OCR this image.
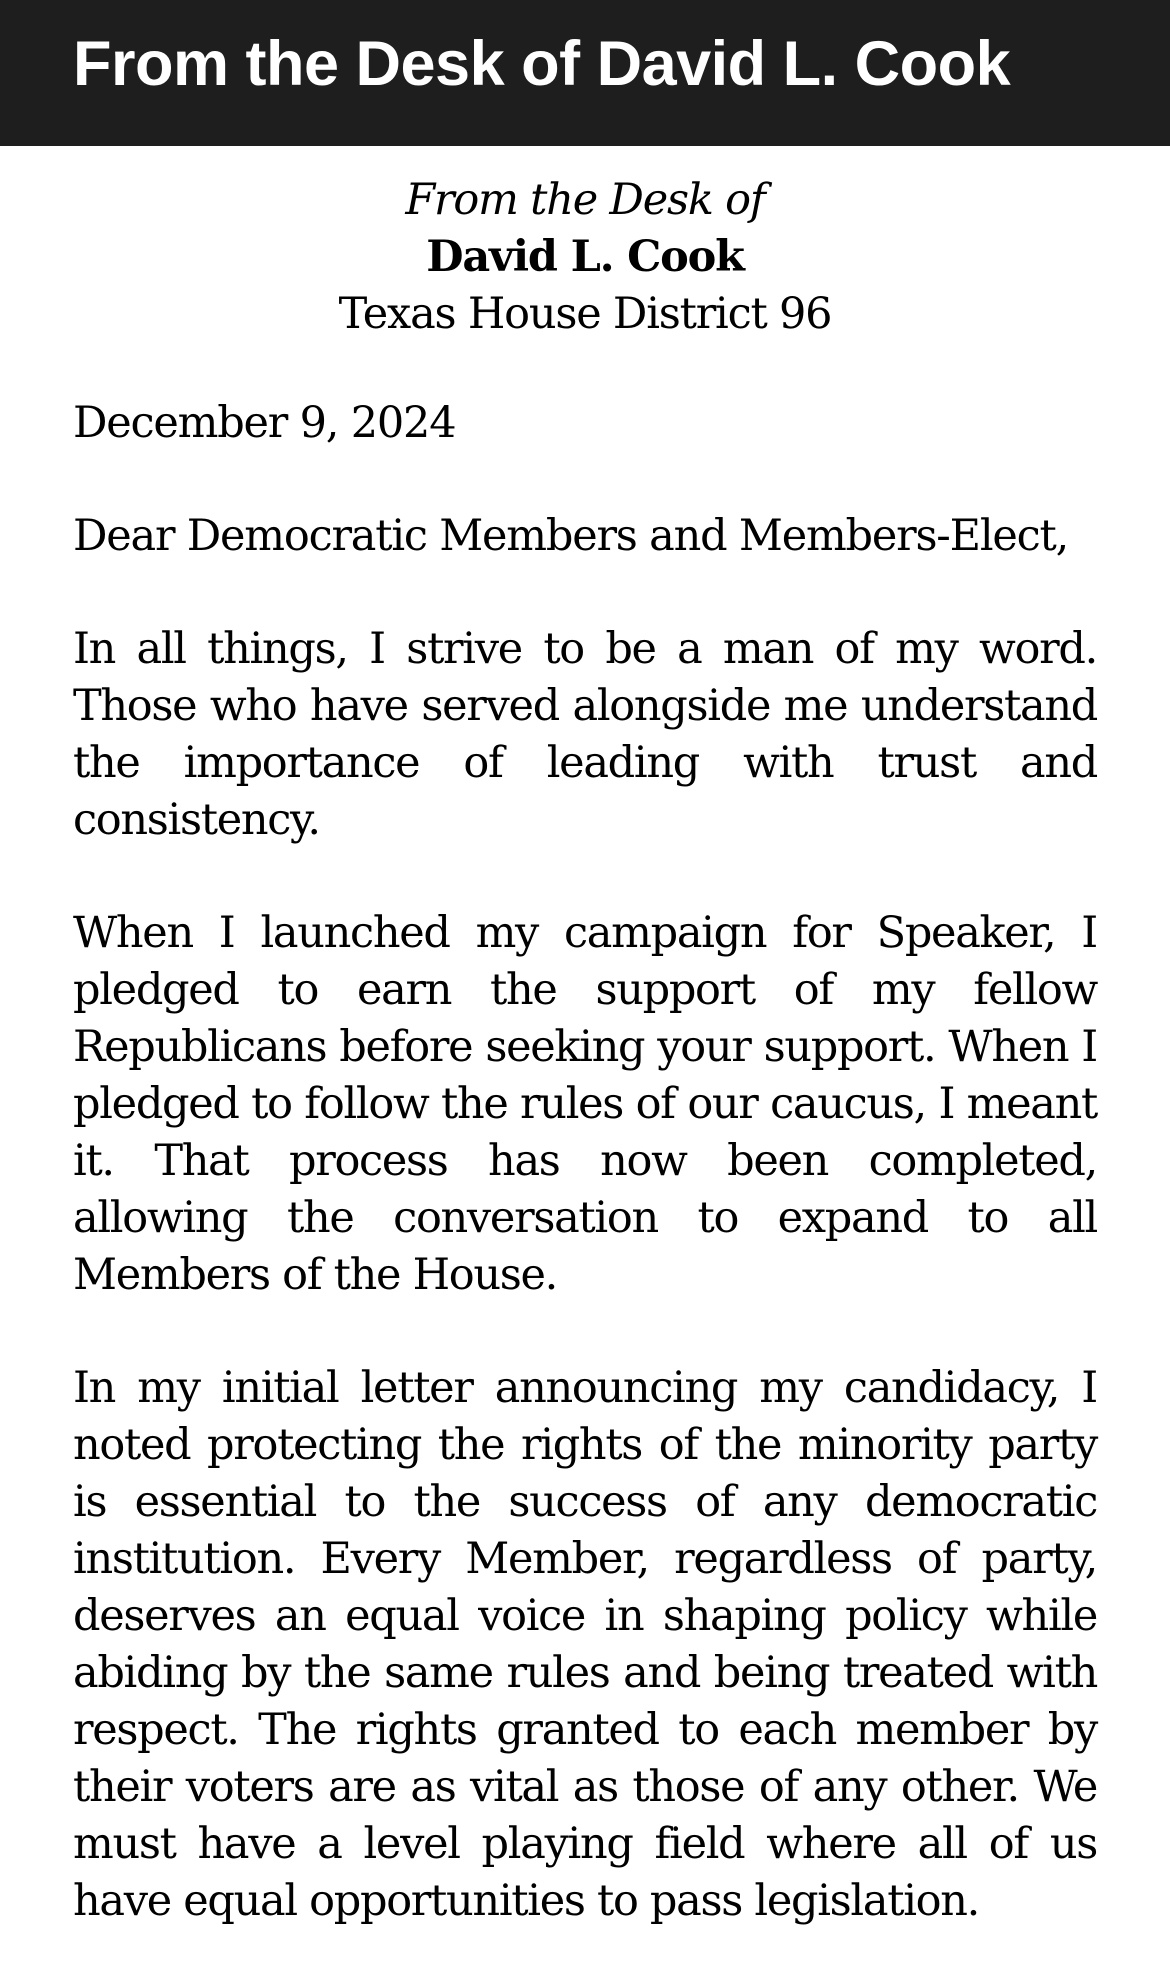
From the Desk of David L. Cook
From the Desk of
David L. Cook
Texas House District 96
December 9, 2024
Dear Democratic Members and Members-Elect,

In all things, I strive to be a man of my word. Those who have served alongside me understand the importance of leading with trust and consistency.

When I launched my campaign for Speaker, I pledged to earn the support of my fellow Republicans before seeking your support. When I pledged to follow the rules of our caucus, I meant it. That process has now been completed, allowing the conversation to expand to all Members of the House.

In my initial letter announcing my candidacy, I noted protecting the rights of the minority party is essential to the success of any democratic institution. Every Member, regardless of party, deserves an equal voice in shaping policy while abiding by the same rules and being treated with respect. The rights granted to each member by their voters are as vital as those of any other. We must have a level playing field where all of us have equal opportunities to pass legislation.
